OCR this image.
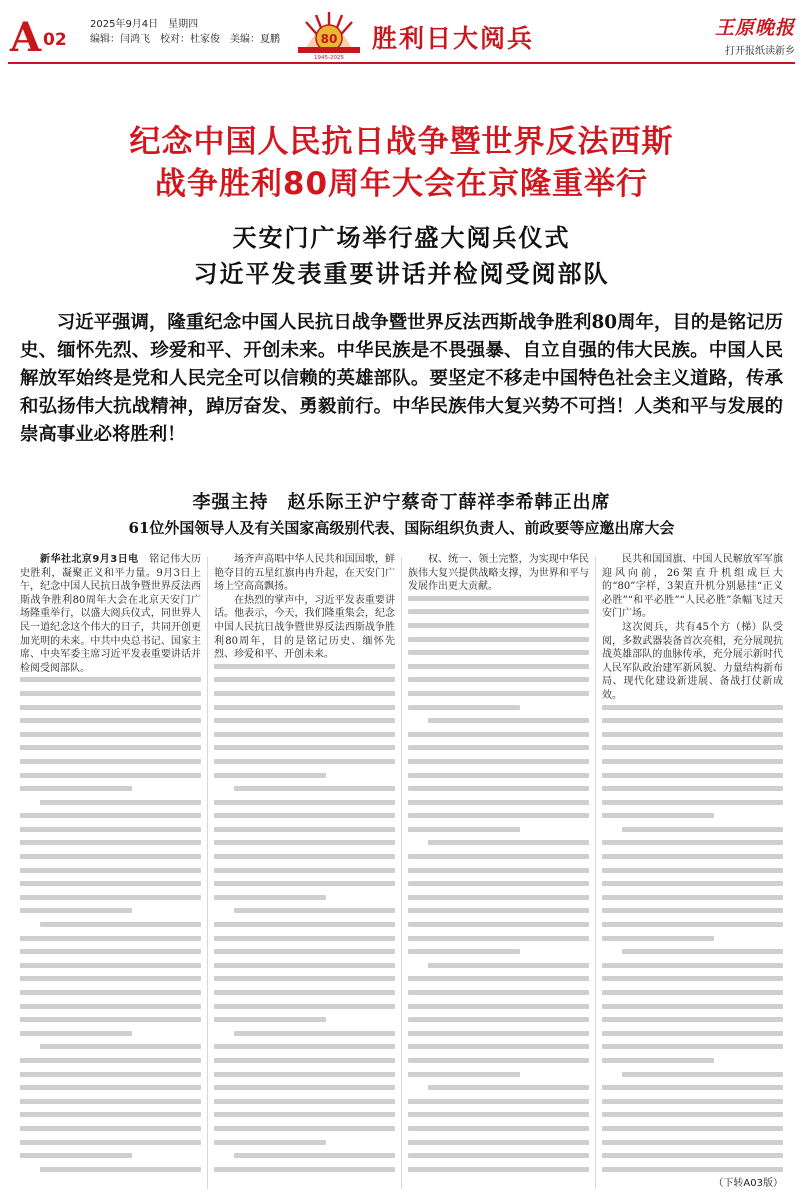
A 02
2025年9月4日　星期四
编辑：闫鸿飞　校对：杜家俊　美编：夏鹏	80
1945-2025
胜利日大阅兵	王原晚报
打开报纸读新乡
纪念中国人民抗日战争暨世界反法西斯
战争胜利80周年大会在京隆重举行
天安门广场举行盛大阅兵仪式
习近平发表重要讲话并检阅受阅部队
习近平强调，隆重纪念中国人民抗日战争暨世界反法西斯战争胜利80周年，目的是铭记历史、缅怀先烈、珍爱和平、开创未来。中华民族是不畏强暴、自立自强的伟大民族。中国人民解放军始终是党和人民完全可以信赖的英雄部队。要坚定不移走中国特色社会主义道路，传承和弘扬伟大抗战精神，踔厉奋发、勇毅前行。中华民族伟大复兴势不可挡！人类和平与发展的崇高事业必将胜利！
李强主持　赵乐际王沪宁蔡奇丁薛祥李希韩正出席
61位外国领导人及有关国家高级别代表、国际组织负责人、前政要等应邀出席大会

新华社北京9月3日电　 铭记伟大历史胜利，凝聚正义和平力量。9月3日上午，纪念中国人民抗日战争暨世界反法西斯战争胜利80周年大会在北京天安门广场隆重举行，以盛大阅兵仪式，同世界人民一道纪念这个伟大的日子，共同开创更加光明的未来。中共中央总书记、国家主席、中央军委主席习近平发表重要讲话并检阅受阅部队。

场齐声高唱中华人民共和国国歌，鲜艳夺目的五星红旗冉冉升起，在天安门广场上空高高飘扬。

在热烈的掌声中，习近平发表重要讲话。他表示，今天，我们隆重集会，纪念中国人民抗日战争暨世界反法西斯战争胜利80周年，目的是铭记历史、缅怀先烈、珍爱和平、开创未来。

权、统一、领土完整，为实现中华民族伟大复兴提供战略支撑，为世界和平与发展作出更大贡献。

民共和国国旗、中国人民解放军军旗迎风向前，26架直升机组成巨大的“80”字样，3架直升机分别悬挂“正义必胜”“和平必胜”“人民必胜”条幅飞过天安门广场。

这次阅兵，共有45个方（梯）队受阅，多数武器装备首次亮相，充分展现抗战英雄部队的血脉传承，充分展示新时代人民军队政治建军新风貌、力量结构新布局、现代化建设新进展、备战打仗新成效。

（下转A03版）
